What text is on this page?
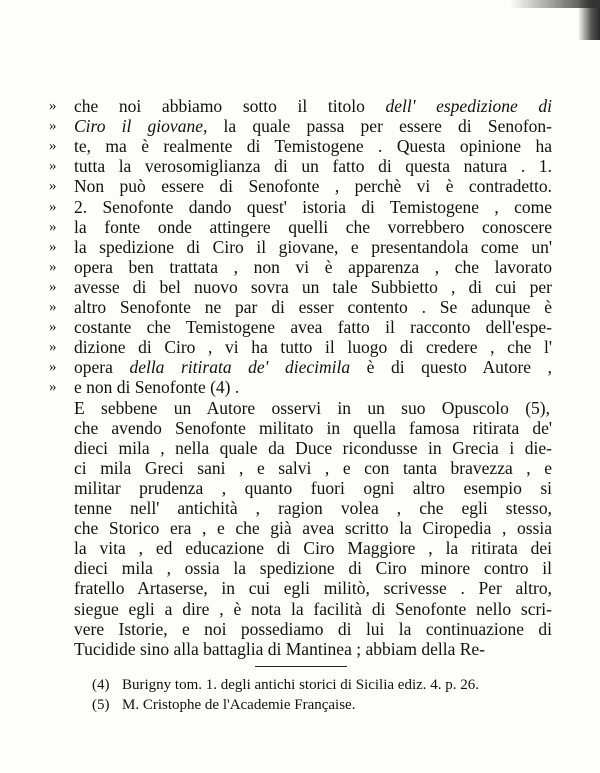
»	che noi abbiamo sotto il titolo dell' espedizione di
»	Ciro il giovane, la quale passa per essere di Senofon-
»	te, ma è realmente di Temistogene . Questa opinione ha
»	tutta la verosomiglianza di un fatto di questa natura . 1.
»	Non può essere di Senofonte , perchè vi è contradetto.
»	2. Senofonte dando quest' istoria di Temistogene , come
»	la fonte onde attingere quelli che vorrebbero conoscere
»	la spedizione di Ciro il giovane, e presentandola come un'
»	opera ben trattata , non vi è apparenza , che lavorato
»	avesse di bel nuovo sovra un tale Subbietto , di cui per
»	altro Senofonte ne par di esser contento . Se adunque è
»	costante che Temistogene avea fatto il racconto dell'espe-
»	dizione di Ciro , vi ha tutto il luogo di credere , che l'
»	opera della ritirata de' diecimila è di questo Autore ,
»	e non di Senofonte (4) .
E sebbene un Autore osservi in un suo Opuscolo (5),
che avendo Senofonte militato in quella famosa ritirata de'
dieci mila , nella quale da Duce ricondusse in Grecia i die-
ci mila Greci sani , e salvi , e con tanta bravezza , e
militar prudenza , quanto fuori ogni altro esempio si
tenne nell' antichità , ragion volea , che egli stesso,
che Storico era , e che già avea scritto la Ciropedia , ossia
la vita , ed educazione di Ciro Maggiore , la ritirata dei
dieci mila , ossia la spedizione di Ciro minore contro il
fratello Artaserse, in cui egli militò, scrivesse . Per altro,
siegue egli a dire , è nota la facilità di Senofonte nello scri-
vere Istorie, e noi possediamo di lui la continuazione di
Tucidide sino alla battaglia di Mantinea ; abbiam della Re-
(4) Burigny tom. 1. degli antichi storici di Sicilia ediz. 4. p. 26.
(5) M. Cristophe de l'Academie Française.
